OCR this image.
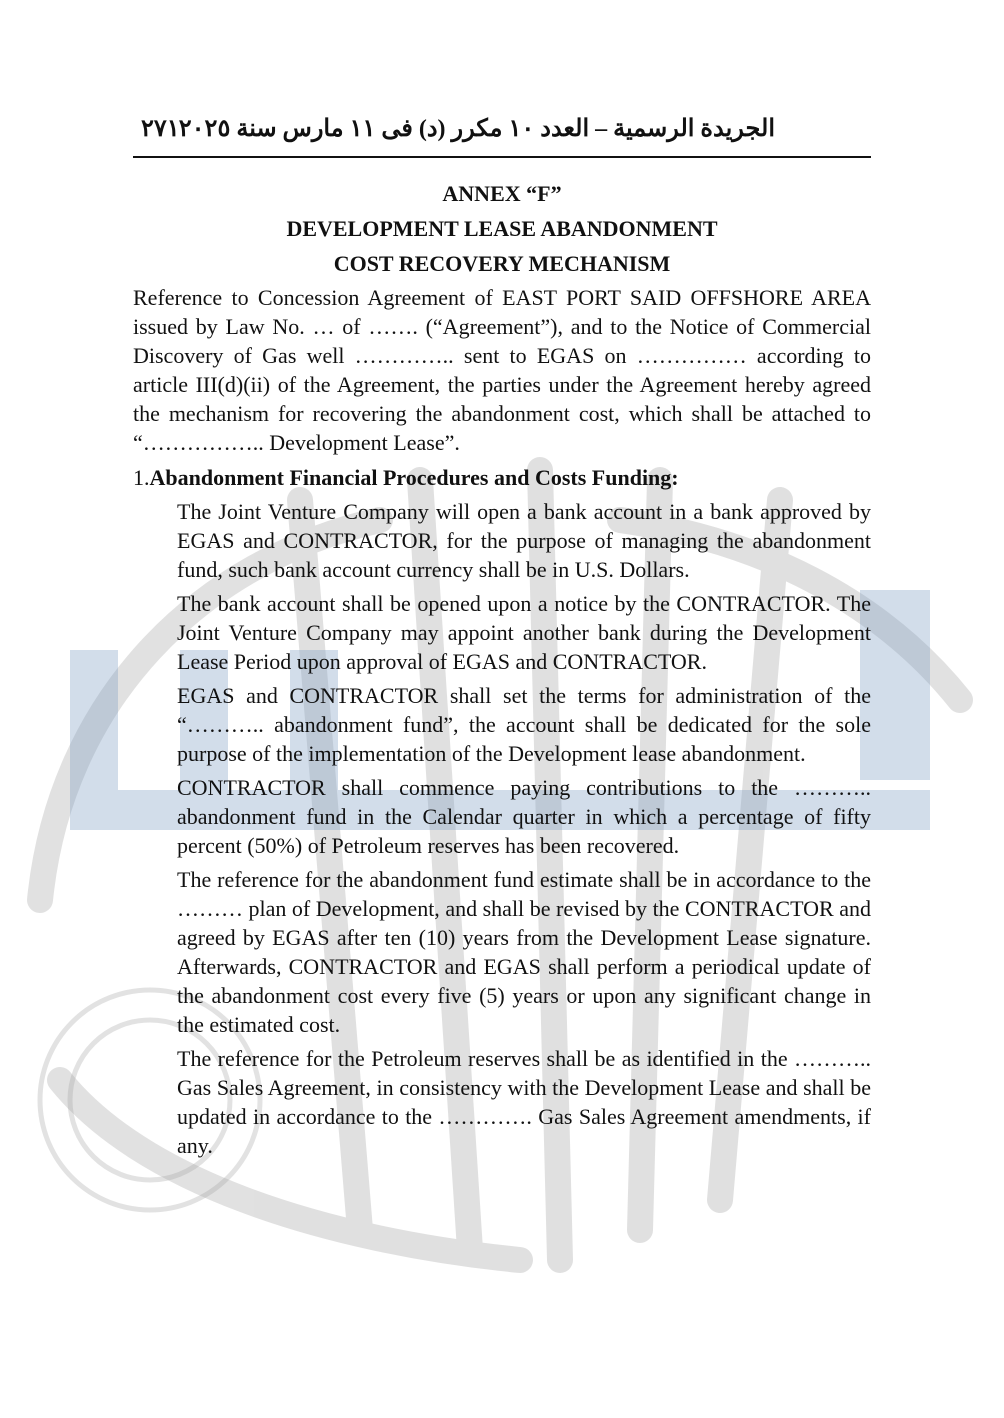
٢٧١ الجريدة الرسمية – العدد ١٠ مكرر (د) فى ١١ مارس سنة ٢٠٢٥
ANNEX “F”
DEVELOPMENT LEASE ABANDONMENT
COST RECOVERY MECHANISM
Reference to Concession Agreement of EAST PORT SAID OFFSHORE AREA issued by Law No. … of ……. (“Agreement”), and to the Notice of Commercial Discovery of Gas well ………….. sent to EGAS on …………… according to article III(d)(ii) of the Agreement, the parties under the Agreement hereby agreed the mechanism for recovering the abandonment cost, which shall be attached to “…………….. Development Lease”.
1.Abandonment Financial Procedures and Costs Funding:
The Joint Venture Company will open a bank account in a bank approved by EGAS and CONTRACTOR, for the purpose of managing the abandonment fund, such bank account currency shall be in U.S. Dollars.
The bank account shall be opened upon a notice by the CONTRACTOR. The Joint Venture Company may appoint another bank during the Development Lease Period upon approval of EGAS and CONTRACTOR.
EGAS and CONTRACTOR shall set the terms for administration of the “……….. abandonment fund”, the account shall be dedicated for the sole purpose of the implementation of the Development lease abandonment.
CONTRACTOR shall commence paying contributions to the ……….. abandonment fund in the Calendar quarter in which a percentage of fifty percent (50%) of Petroleum reserves has been recovered.
The reference for the abandonment fund estimate shall be in accordance to the ……… plan of Development, and shall be revised by the CONTRACTOR and agreed by EGAS after ten (10) years from the Development Lease signature. Afterwards, CONTRACTOR and EGAS shall perform a periodical update of the abandonment cost every five (5) years or upon any significant change in the estimated cost.
The reference for the Petroleum reserves shall be as identified in the ……….. Gas Sales Agreement, in consistency with the Development Lease and shall be updated in accordance to the …………. Gas Sales Agreement amendments, if any.
